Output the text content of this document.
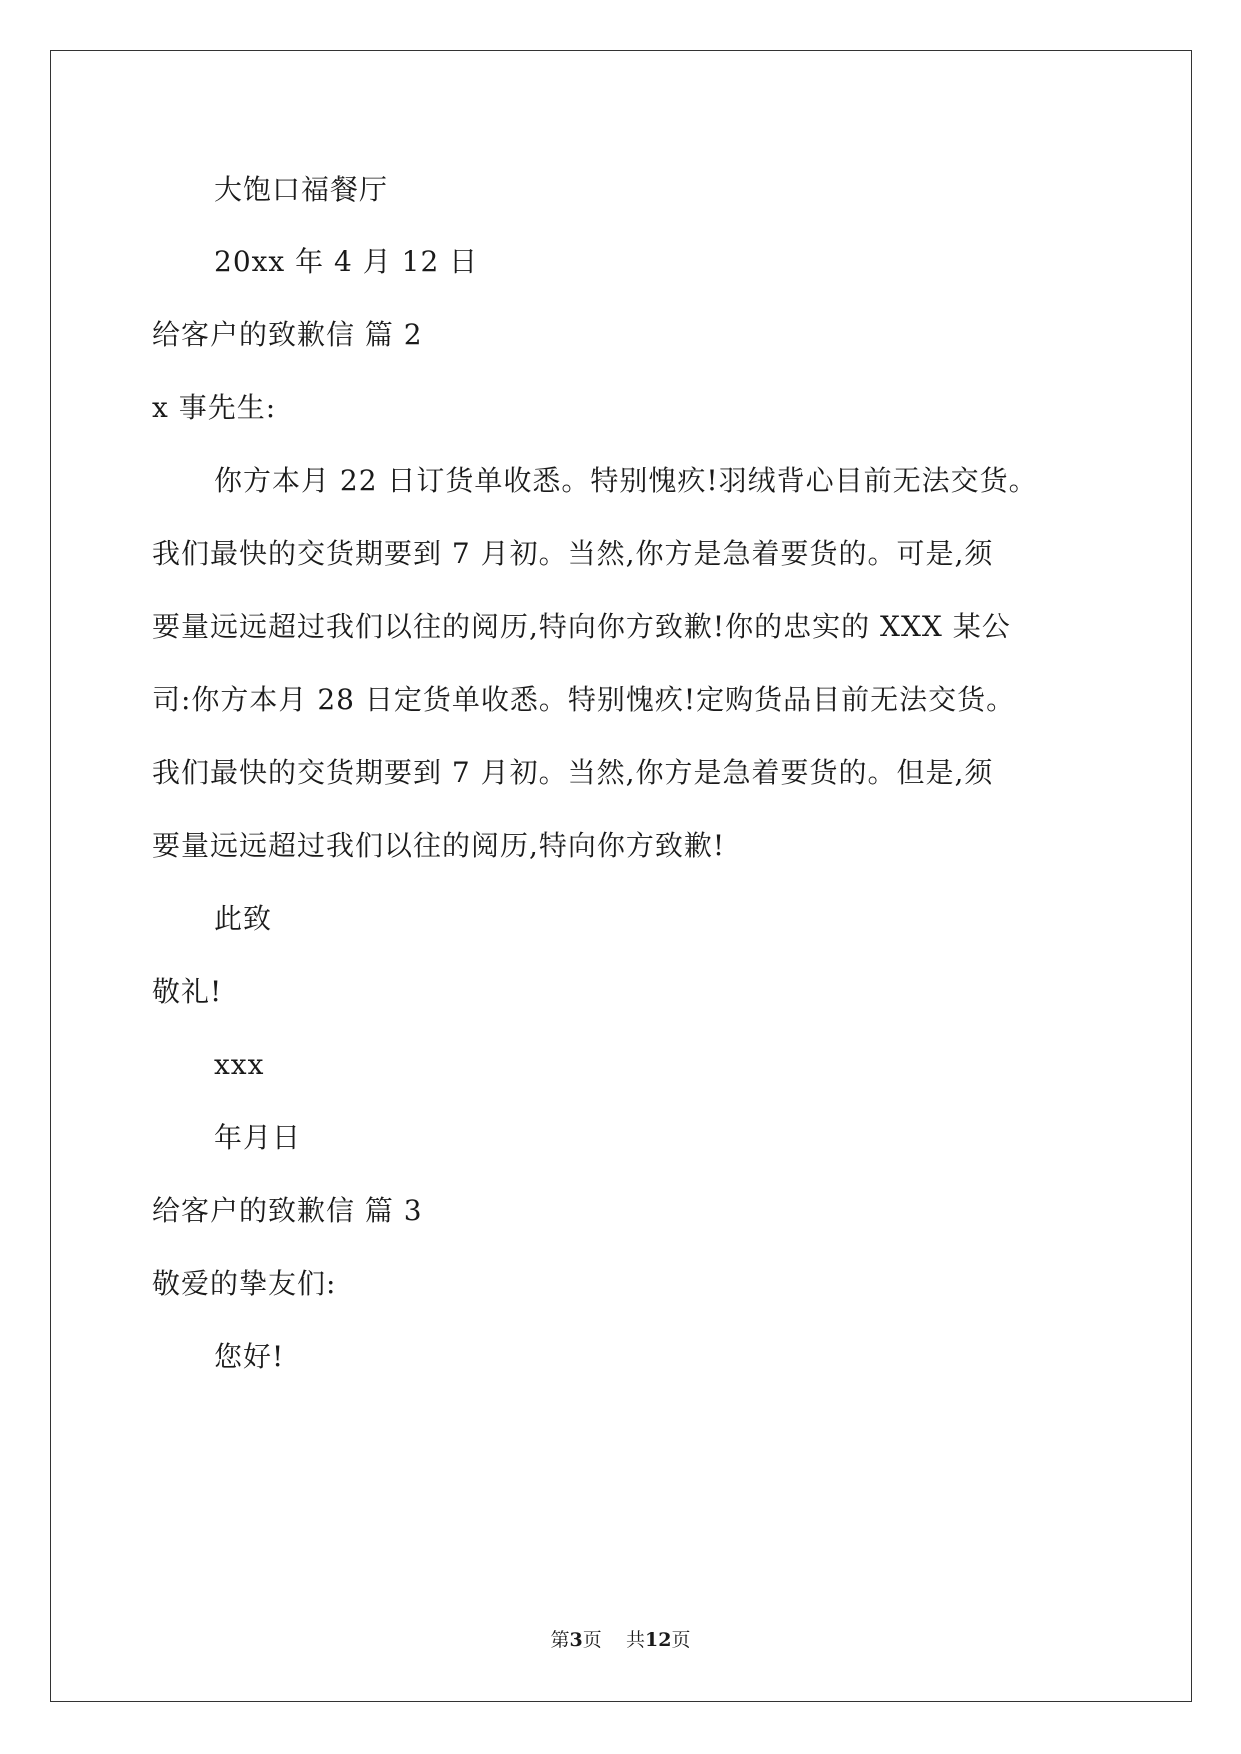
大饱口福餐厅
20xx 年 4 月 12 日
给客户的致歉信 篇 2
x 事先生:
你方本月 22 日订货单收悉。特别愧疚!羽绒背心目前无法交货。
我们最快的交货期要到 7 月初。当然,你方是急着要货的。可是,须
要量远远超过我们以往的阅历,特向你方致歉!你的忠实的 XXX 某公
司:你方本月 28 日定货单收悉。特别愧疚!定购货品目前无法交货。
我们最快的交货期要到 7 月初。当然,你方是急着要货的。但是,须
要量远远超过我们以往的阅历,特向你方致歉!
此致
敬礼!
xxx
年月日
给客户的致歉信 篇 3
敬爱的挚友们:
您好!
第3页 共12页
